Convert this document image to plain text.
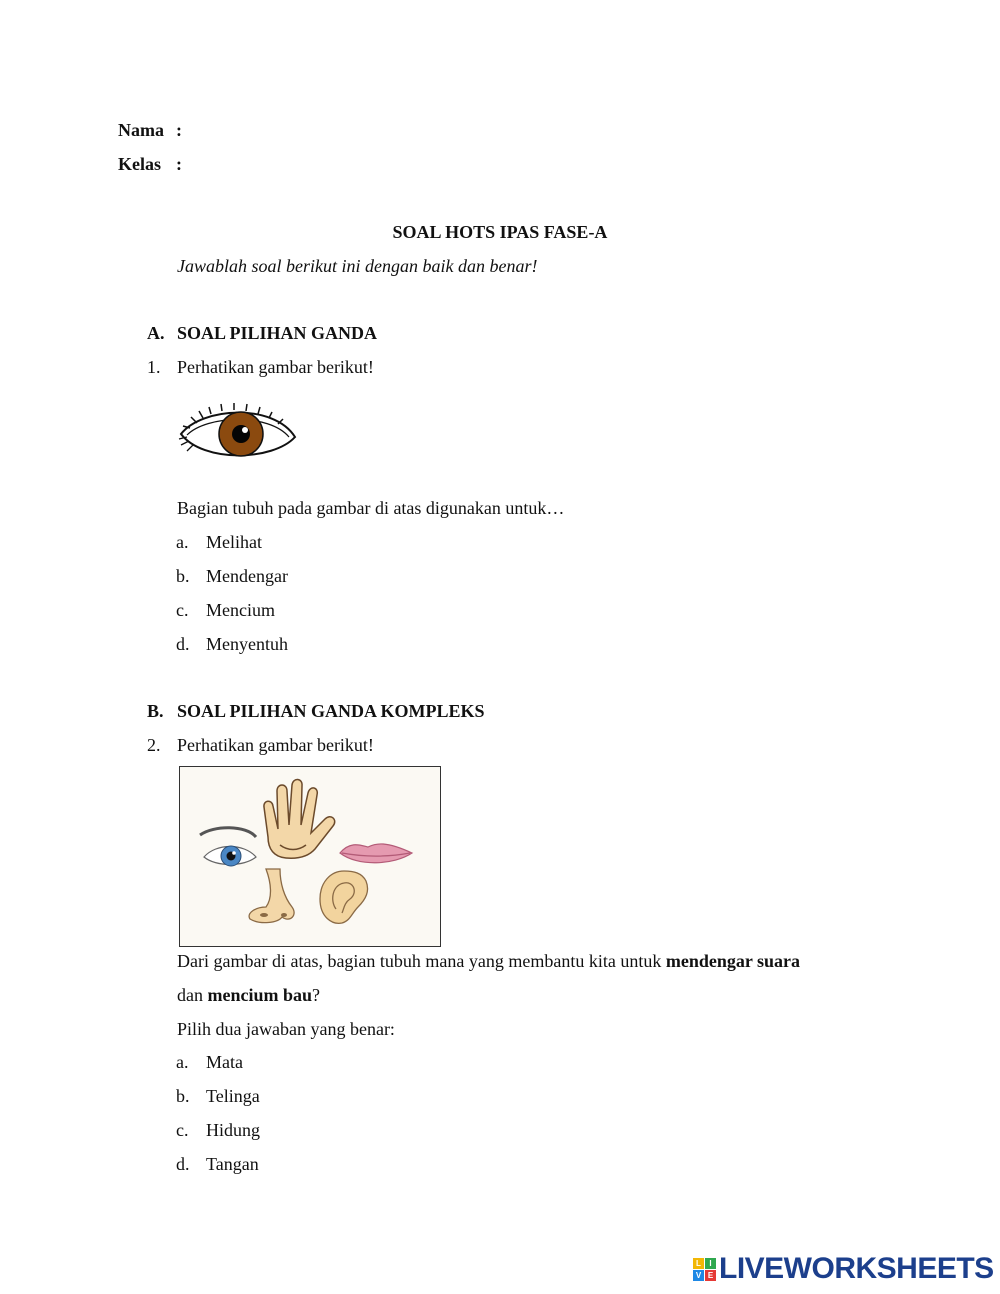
Nama :
Kelas :
SOAL HOTS IPAS FASE-A
Jawablah soal berikut ini dengan baik dan benar!
A. SOAL PILIHAN GANDA
1. Perhatikan gambar berikut!
Bagian tubuh pada gambar di atas digunakan untuk…
a. Melihat
b. Mendengar
c. Mencium
d. Menyentuh
B. SOAL PILIHAN GANDA KOMPLEKS
2. Perhatikan gambar berikut!
Dari gambar di atas, bagian tubuh mana yang membantu kita untuk mendengar suara
dan mencium bau?
Pilih dua jawaban yang benar:
a. Mata
b. Telinga
c. Hidung
d. Tangan
L	I
V E LIVEWORKSHEETS
